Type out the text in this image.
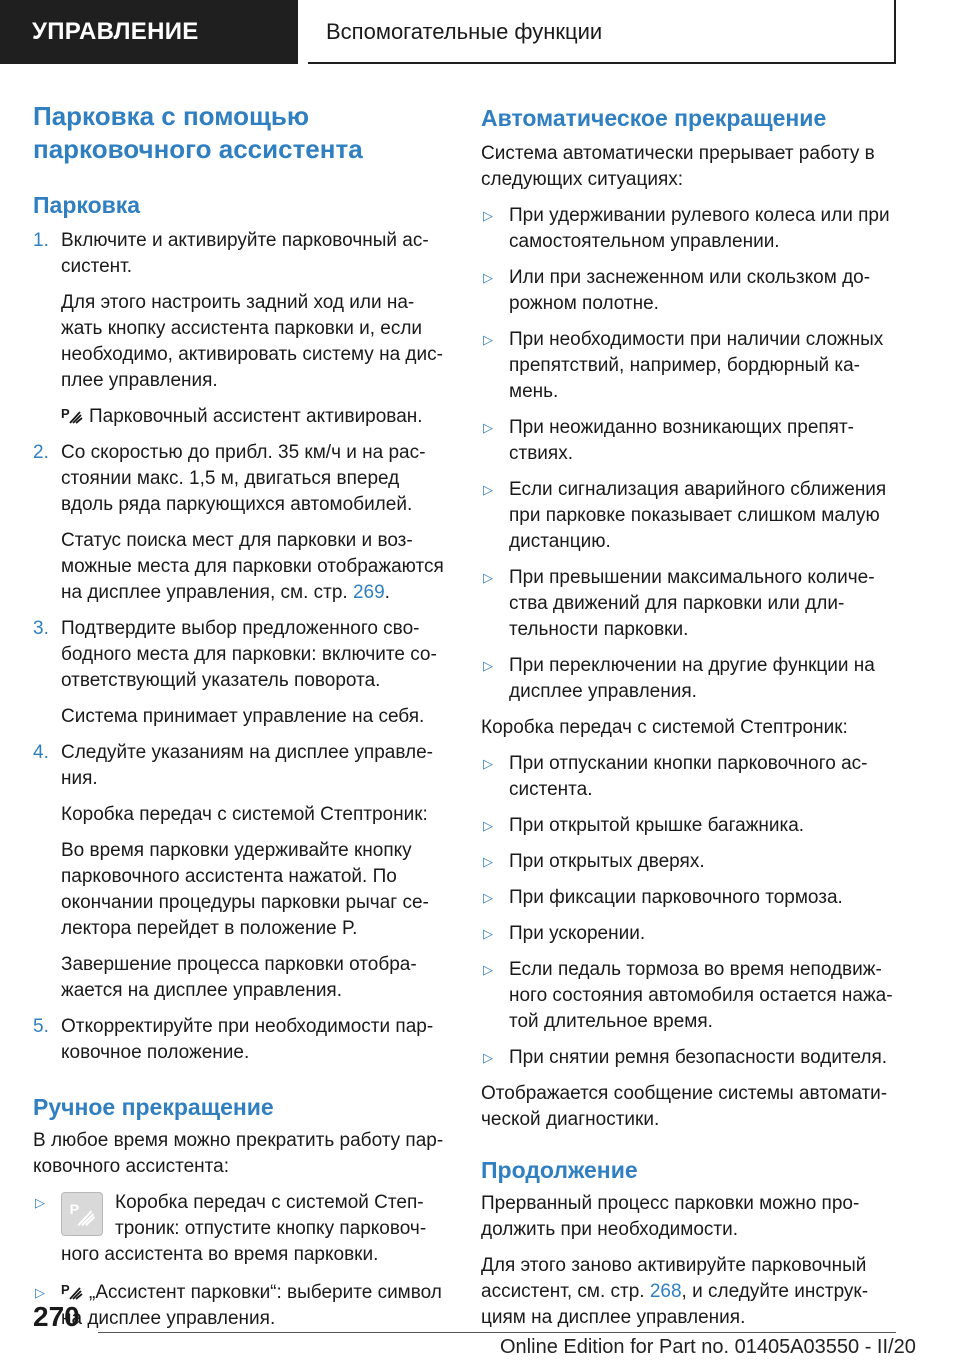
УПРАВЛЕНИЕ	Вспомогательные функции
Парковка с помощью
парковочного ассистента
Парковка
1. Включите и активируйте парковочный ассистент.

Для этого настроить задний ход или нажать кнопку ассистента парковки и, если необходимо, активировать систему на дисплее управления.

P Парковочный ассистент активирован.

2. Со скоростью до прибл. 35 км/ч и на расстоянии макс. 1,5 м, двигаться вперед вдоль ряда паркующихся автомобилей.

Статус поиска мест для парковки и возможные места для парковки отображаются на дисплее управления, см. стр. 269.

3. Подтвердите выбор предложенного свободного места для парковки: включите соответствующий указатель поворота.

Система принимает управление на себя.

4. Следуйте указаниям на дисплее управления.

Коробка передач с системой Стептроник:

Во время парковки удерживайте кнопку парковочного ассистента нажатой. По окончании процедуры парковки рычаг селектора перейдет в положение P.

Завершение процесса парковки отображается на дисплее управления.

5. Откорректируйте при необходимости парковочное положение.

Ручное прекращение

В любое время можно прекратить работу парковочного ассистента:

▷ P	Коробка передач с системой Стептроник: отпустите кнопку парковочного ассистента во время парковки.

▷ P „Ассистент парковки“: выберите символ на дисплее управления.

Автоматическое прекращение

Система автоматически прерывает работу в следующих ситуациях:

▷ При удерживании рулевого колеса или при самостоятельном управлении.

▷ Или при заснеженном или скользком дорожном полотне.

▷ При необходимости при наличии сложных препятствий, например, бордюрный камень.

▷ При неожиданно возникающих препятствиях.

▷ Если сигнализация аварийного сближения при парковке показывает слишком малую дистанцию.

▷ При превышении максимального количества движений для парковки или длительности парковки.

▷ При переключении на другие функции на дисплее управления.

Коробка передач с системой Стептроник:

▷ При отпускании кнопки парковочного ассистента.

▷ При открытой крышке багажника.

▷ При открытых дверях.

▷ При фиксации парковочного тормоза.

▷ При ускорении.

▷ Если педаль тормоза во время неподвижного состояния автомобиля остается нажатой длительное время.

▷ При снятии ремня безопасности водителя.

Отображается сообщение системы автоматической диагностики.

Продолжение

Прерванный процесс парковки можно продолжить при необходимости.

Для этого заново активируйте парковочный ассистент, см. стр. 268, и следуйте инструкциям на дисплее управления.

270
Online Edition for Part no. 01405A03550 - II/20
